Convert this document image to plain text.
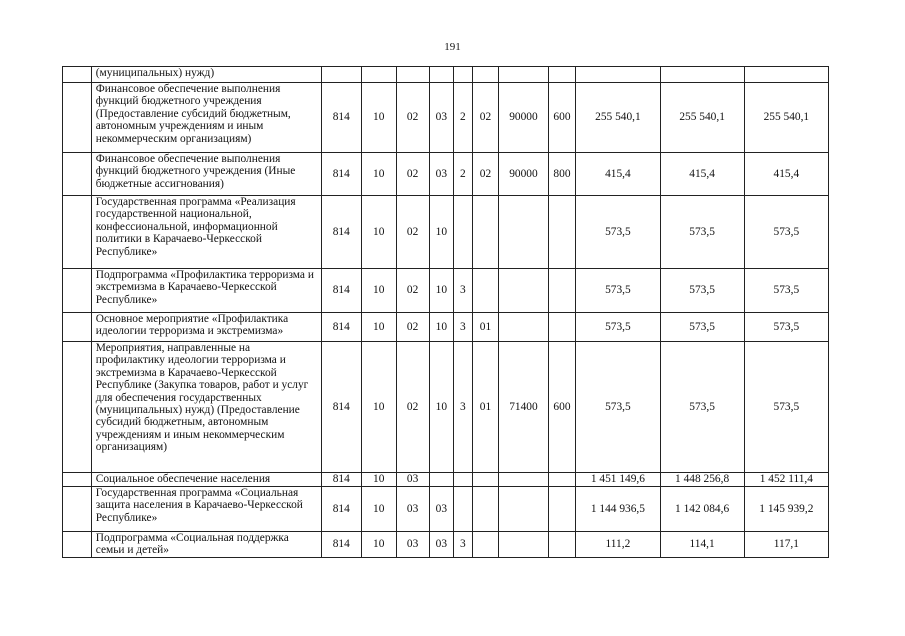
191
	(муниципальных) нужд)											
	Финансовое обеспечение выполнения функций бюджетного учреждения (Предоставление субсидий бюджетным, автономным учреждениям и иным некоммерческим организациям)	814	10	02	03	2	02	90000	600	255 540,1	255 540,1	255 540,1
	Финансовое обеспечение выполнения функций бюджетного учреждения (Иные бюджетные ассигнования)	814	10	02	03	2	02	90000	800	415,4	415,4	415,4
	Государственная программа «Реализация государственной национальной, конфессиональной, информационной политики в Карачаево-Черкесской Республике»	814	10	02	10					573,5	573,5	573,5
	Подпрограмма «Профилактика терроризма и экстремизма в Карачаево-Черкесской Республике»	814	10	02	10	3				573,5	573,5	573,5
	Основное мероприятие «Профилактика идеологии терроризма и экстремизма»	814	10	02	10	3	01			573,5	573,5	573,5
	Мероприятия, направленные на профилактику идеологии терроризма и экстремизма в Карачаево-Черкесской Республике (Закупка товаров, работ и услуг для обеспечения государственных (муниципальных) нужд) (Предоставление субсидий бюджетным, автономным учреждениям и иным некоммерческим организациям)	814	10	02	10	3	01	71400	600	573,5	573,5	573,5
	Социальное обеспечение населения	814	10	03						1 451 149,6	1 448 256,8	1 452 111,4
	Государственная программа «Социальная защита населения в Карачаево-Черкесской Республике»	814	10	03	03					1 144 936,5	1 142 084,6	1 145 939,2
	Подпрограмма «Социальная поддержка семьи и детей»	814	10	03	03	3				111,2	114,1	117,1
